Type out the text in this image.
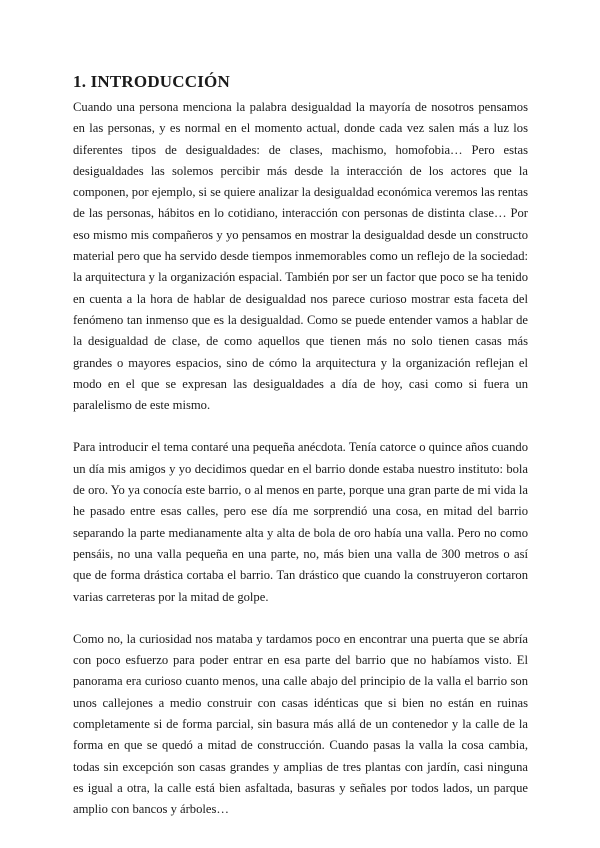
1. INTRODUCCIÓN

Cuando una persona menciona la palabra desigualdad la mayoría de nosotros pensamos en las personas, y es normal en el momento actual, donde cada vez salen más a luz los diferentes tipos de desigualdades: de clases, machismo, homofobia… Pero estas desigualdades las solemos percibir más desde la interacción de los actores que la componen, por ejemplo, si se quiere analizar la desigualdad económica veremos las rentas de las personas, hábitos en lo cotidiano, interacción con personas de distinta clase… Por eso mismo mis compañeros y yo pensamos en mostrar la desigualdad desde un constructo material pero que ha servido desde tiempos inmemorables como un reflejo de la sociedad: la arquitectura y la organización espacial. También por ser un factor que poco se ha tenido en cuenta a la hora de hablar de desigualdad nos parece curioso mostrar esta faceta del fenómeno tan inmenso que es la desigualdad. Como se puede entender vamos a hablar de la desigualdad de clase, de como aquellos que tienen más no solo tienen casas más grandes o mayores espacios, sino de cómo la arquitectura y la organización reflejan el modo en el que se expresan las desigualdades a día de hoy, casi como si fuera un paralelismo de este mismo.

Para introducir el tema contaré una pequeña anécdota. Tenía catorce o quince años cuando un día mis amigos y yo decidimos quedar en el barrio donde estaba nuestro instituto: bola de oro. Yo ya conocía este barrio, o al menos en parte, porque una gran parte de mi vida la he pasado entre esas calles, pero ese día me sorprendió una cosa, en mitad del barrio separando la parte medianamente alta y alta de bola de oro había una valla. Pero no como pensáis, no una valla pequeña en una parte, no, más bien una valla de 300 metros o así que de forma drástica cortaba el barrio. Tan drástico que cuando la construyeron cortaron varias carreteras por la mitad de golpe.

Como no, la curiosidad nos mataba y tardamos poco en encontrar una puerta que se abría con poco esfuerzo para poder entrar en esa parte del barrio que no habíamos visto. El panorama era curioso cuanto menos, una calle abajo del principio de la valla el barrio son unos callejones a medio construir con casas idénticas que si bien no están en ruinas completamente si de forma parcial, sin basura más allá de un contenedor y la calle de la forma en que se quedó a mitad de construcción. Cuando pasas la valla la cosa cambia, todas sin excepción son casas grandes y amplias de tres plantas con jardín, casi ninguna es igual a otra, la calle está bien asfaltada, basuras y señales por todos lados, un parque amplio con bancos y árboles…
